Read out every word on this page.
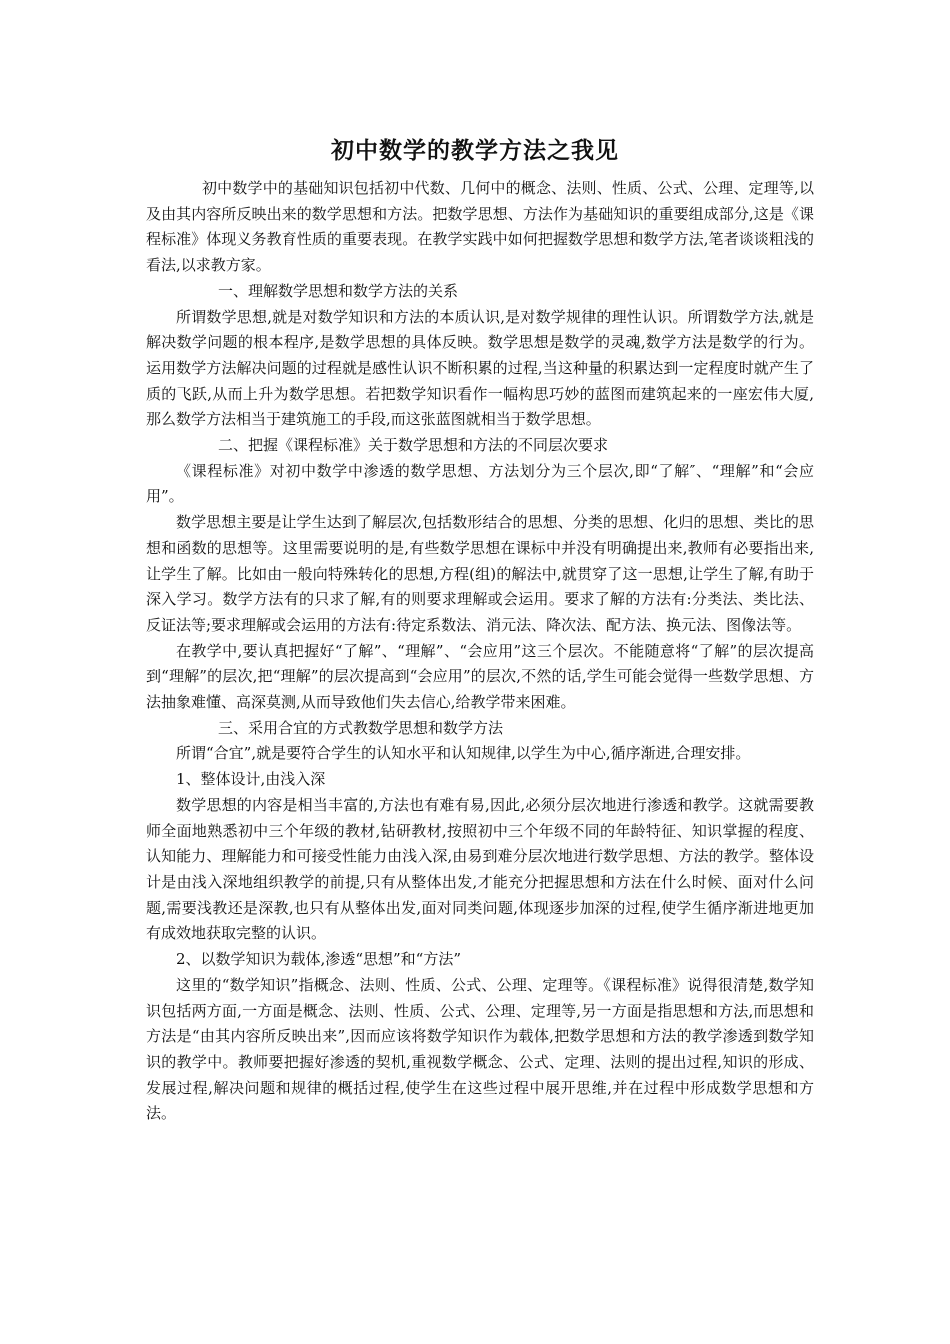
初中数学的教学方法之我见

初中数学中的基础知识包括初中代数、几何中的概念、法则、性质、公式、公理、定理等,以及由其内容所反映出来的数学思想和方法。把数学思想、方法作为基础知识的重要组成部分,这是《课程标准》体现义务教育性质的重要表现。在教学实践中如何把握数学思想和数学方法,笔者谈谈粗浅的看法,以求教方家。

一、理解数学思想和数学方法的关系

所谓数学思想,就是对数学知识和方法的本质认识,是对数学规律的理性认识。所谓数学方法,就是解决数学问题的根本程序,是数学思想的具体反映。数学思想是数学的灵魂,数学方法是数学的行为。运用数学方法解决问题的过程就是感性认识不断积累的过程,当这种量的积累达到一定程度时就产生了质的飞跃,从而上升为数学思想。若把数学知识看作一幅构思巧妙的蓝图而建筑起来的一座宏伟大厦,那么数学方法相当于建筑施工的手段,而这张蓝图就相当于数学思想。

二、把握《课程标准》关于数学思想和方法的不同层次要求

《课程标准》对初中数学中渗透的数学思想、方法划分为三个层次,即“了解″、“理解”和“会应用”。

数学思想主要是让学生达到了解层次,包括数形结合的思想、分类的思想、化归的思想、类比的思想和函数的思想等。这里需要说明的是,有些数学思想在课标中并没有明确提出来,教师有必要指出来,让学生了解。比如由一般向特殊转化的思想,方程(组)的解法中,就贯穿了这一思想,让学生了解,有助于深入学习。数学方法有的只求了解,有的则要求理解或会运用。要求了解的方法有:分类法、类比法、反证法等;要求理解或会运用的方法有:待定系数法、消元法、降次法、配方法、换元法、图像法等。

在教学中,要认真把握好“了解”、“理解”、“会应用”这三个层次。不能随意将“了解”的层次提高到“理解”的层次,把“理解”的层次提高到“会应用”的层次,不然的话,学生可能会觉得一些数学思想、方法抽象难懂、高深莫测,从而导致他们失去信心,给教学带来困难。

三、采用合宜的方式教数学思想和数学方法

所谓“合宜”,就是要符合学生的认知水平和认知规律,以学生为中心,循序渐进,合理安排。

1、整体设计,由浅入深

数学思想的内容是相当丰富的,方法也有难有易,因此,必须分层次地进行渗透和教学。这就需要教师全面地熟悉初中三个年级的教材,钻研教材,按照初中三个年级不同的年龄特征、知识掌握的程度、认知能力、理解能力和可接受性能力由浅入深,由易到难分层次地进行数学思想、方法的教学。整体设计是由浅入深地组织教学的前提,只有从整体出发,才能充分把握思想和方法在什么时候、面对什么问题,需要浅教还是深教,也只有从整体出发,面对同类问题,体现逐步加深的过程,使学生循序渐进地更加有成效地获取完整的认识。

2、以数学知识为载体,渗透“思想”和“方法”

这里的“数学知识”指概念、法则、性质、公式、公理、定理等。《课程标准》说得很清楚,数学知识包括两方面,一方面是概念、法则、性质、公式、公理、定理等,另一方面是指思想和方法,而思想和方法是“由其内容所反映出来”,因而应该将数学知识作为载体,把数学思想和方法的教学渗透到数学知识的教学中。教师要把握好渗透的契机,重视数学概念、公式、定理、法则的提出过程,知识的形成、发展过程,解决问题和规律的概括过程,使学生在这些过程中展开思维,并在过程中形成数学思想和方法。
